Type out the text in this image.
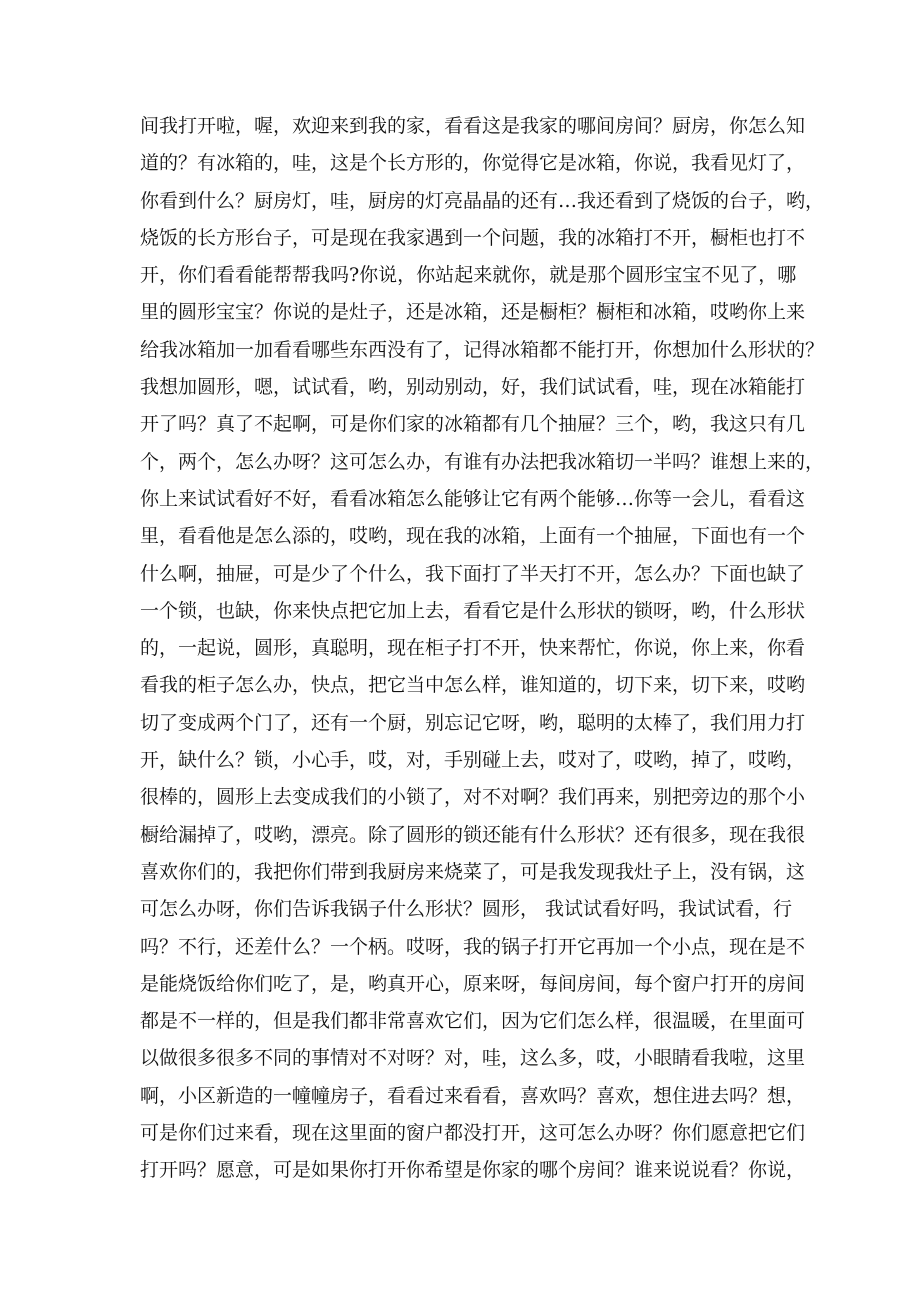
间我打开啦，喔，欢迎来到我的家，看看这是我家的哪间房间？厨房，你怎么知
道的？有冰箱的，哇，这是个长方形的，你觉得它是冰箱，你说，我看见灯了，
你看到什么？厨房灯，哇，厨房的灯亮晶晶的还有…我还看到了烧饭的台子，哟，
烧饭的长方形台子，可是现在我家遇到一个问题，我的冰箱打不开，橱柜也打不
开，你们看看能帮帮我吗?你说，你站起来就你，就是那个圆形宝宝不见了，哪
里的圆形宝宝？你说的是灶子，还是冰箱，还是橱柜？橱柜和冰箱，哎哟你上来
给我冰箱加一加看看哪些东西没有了，记得冰箱都不能打开，你想加什么形状的？
我想加圆形，嗯，试试看，哟，别动别动，好，我们试试看，哇，现在冰箱能打
开了吗？真了不起啊，可是你们家的冰箱都有几个抽屉？三个，哟，我这只有几
个，两个，怎么办呀？这可怎么办，有谁有办法把我冰箱切一半吗？谁想上来的，
你上来试试看好不好，看看冰箱怎么能够让它有两个能够…你等一会儿，看看这
里，看看他是怎么添的，哎哟，现在我的冰箱，上面有一个抽屉，下面也有一个
什么啊，抽屉，可是少了个什么，我下面打了半天打不开，怎么办？下面也缺了
一个锁，也缺，你来快点把它加上去，看看它是什么形状的锁呀，哟，什么形状
的，一起说，圆形，真聪明，现在柜子打不开，快来帮忙，你说，你上来，你看
看我的柜子怎么办，快点，把它当中怎么样，谁知道的，切下来，切下来，哎哟
切了变成两个门了，还有一个厨，别忘记它呀，哟，聪明的太棒了，我们用力打
开，缺什么？锁，小心手，哎，对，手别碰上去，哎对了，哎哟，掉了，哎哟，
很棒的，圆形上去变成我们的小锁了，对不对啊？我们再来，别把旁边的那个小
橱给漏掉了，哎哟，漂亮。除了圆形的锁还能有什么形状？还有很多，现在我很
喜欢你们的，我把你们带到我厨房来烧菜了，可是我发现我灶子上，没有锅，这
可怎么办呀，你们告诉我锅子什么形状？圆形， 我试试看好吗，我试试看，行
吗？不行，还差什么？一个柄。哎呀，我的锅子打开它再加一个小点，现在是不
是能烧饭给你们吃了，是，哟真开心，原来呀，每间房间，每个窗户打开的房间
都是不一样的，但是我们都非常喜欢它们，因为它们怎么样，很温暖，在里面可
以做很多很多不同的事情对不对呀？对，哇，这么多，哎，小眼睛看我啦，这里
啊，小区新造的一幢幢房子，看看过来看看，喜欢吗？喜欢，想住进去吗？想，
可是你们过来看，现在这里面的窗户都没打开，这可怎么办呀？你们愿意把它们
打开吗？愿意，可是如果你打开你希望是你家的哪个房间？谁来说说看？你说，
